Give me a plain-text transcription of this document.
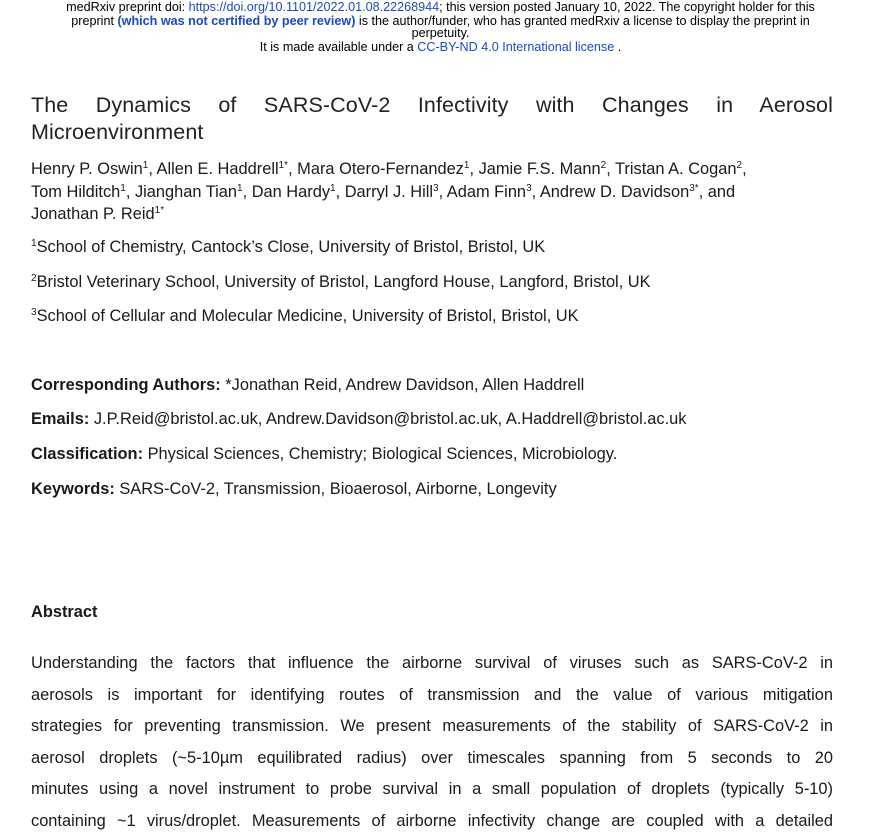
medRxiv preprint doi: https://doi.org/10.1101/2022.01.08.22268944; this version posted January 10, 2022. The copyright holder for this
preprint (which was not certified by peer review) is the author/funder, who has granted medRxiv a license to display the preprint in
perpetuity.
It is made available under a CC-BY-ND 4.0 International license .
The Dynamics of SARS-CoV-2 Infectivity with Changes in Aerosol
Microenvironment
Henry P. Oswin$^1$, Allen E. Haddrell$^{1*}$, Mara Otero-Fernandez$^1$, Jamie F.S. Mann$^2$, Tristan A. Cogan$^2$,
Tom Hilditch$^1$, Jianghan Tian$^1$, Dan Hardy$^1$, Darryl J. Hill$^3$, Adam Finn$^3$, Andrew D. Davidson$^{3*}$, and
Jonathan P. Reid$^{1*}$
$^1$School of Chemistry, Cantock’s Close, University of Bristol, Bristol, UK
$^2$Bristol Veterinary School, University of Bristol, Langford House, Langford, Bristol, UK
$^3$School of Cellular and Molecular Medicine, University of Bristol, Bristol, UK
Corresponding Authors: *Jonathan Reid, Andrew Davidson, Allen Haddrell
Emails: J.P.Reid@bristol.ac.uk, Andrew.Davidson@bristol.ac.uk, A.Haddrell@bristol.ac.uk
Classification: Physical Sciences, Chemistry; Biological Sciences, Microbiology.
Keywords: SARS-CoV-2, Transmission, Bioaerosol, Airborne, Longevity
Abstract
Understanding the factors that influence the airborne survival of viruses such as SARS-CoV-2 in
aerosols is important for identifying routes of transmission and the value of various mitigation
strategies for preventing transmission. We present measurements of the stability of SARS-CoV-2 in
aerosol droplets (~5-10µm equilibrated radius) over timescales spanning from 5 seconds to 20
minutes using a novel instrument to probe survival in a small population of droplets (typically 5-10)
containing ~1 virus/droplet. Measurements of airborne infectivity change are coupled with a detailed
